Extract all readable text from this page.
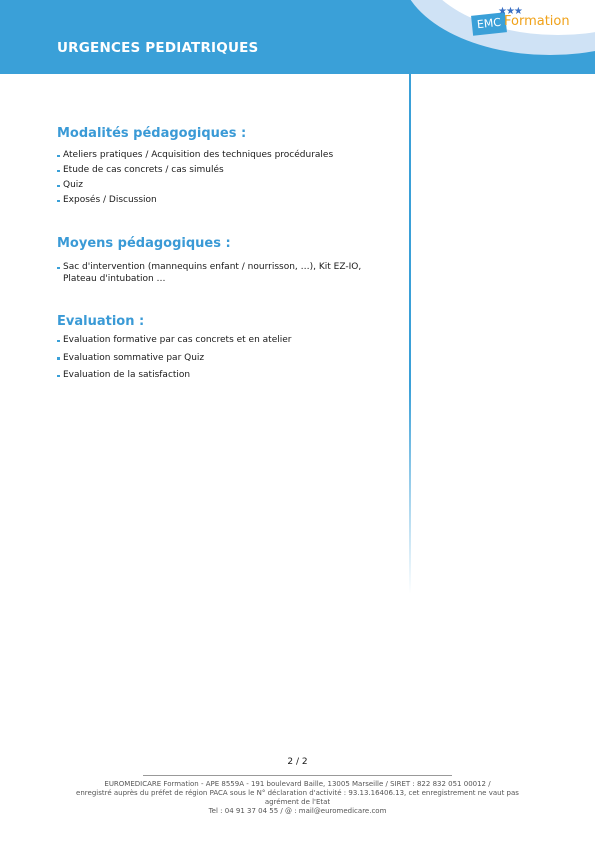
URGENCES PEDIATRIQUES
EMC
★★★
Formation
Modalités pédagogiques :
Ateliers pratiques / Acquisition des techniques procédurales
Etude de cas concrets / cas simulés
Quiz
Exposés / Discussion
Moyens pédagogiques :
Sac d'intervention (mannequins enfant / nourrisson, …), Kit EZ-IO, Plateau d'intubation …
Evaluation :
Evaluation formative par cas concrets et en atelier
Evaluation sommative par Quiz
Evaluation de la satisfaction
2 / 2
EUROMEDICARE Formation - APE 8559A - 191 boulevard Baille, 13005 Marseille / SIRET : 822 832 051 00012 /
enregistré auprès du préfet de région PACA sous le N° déclaration d'activité : 93.13.16406.13, cet enregistrement ne vaut pas
agrément de l'Etat
Tel : 04 91 37 04 55 / @ : mail@euromedicare.com
